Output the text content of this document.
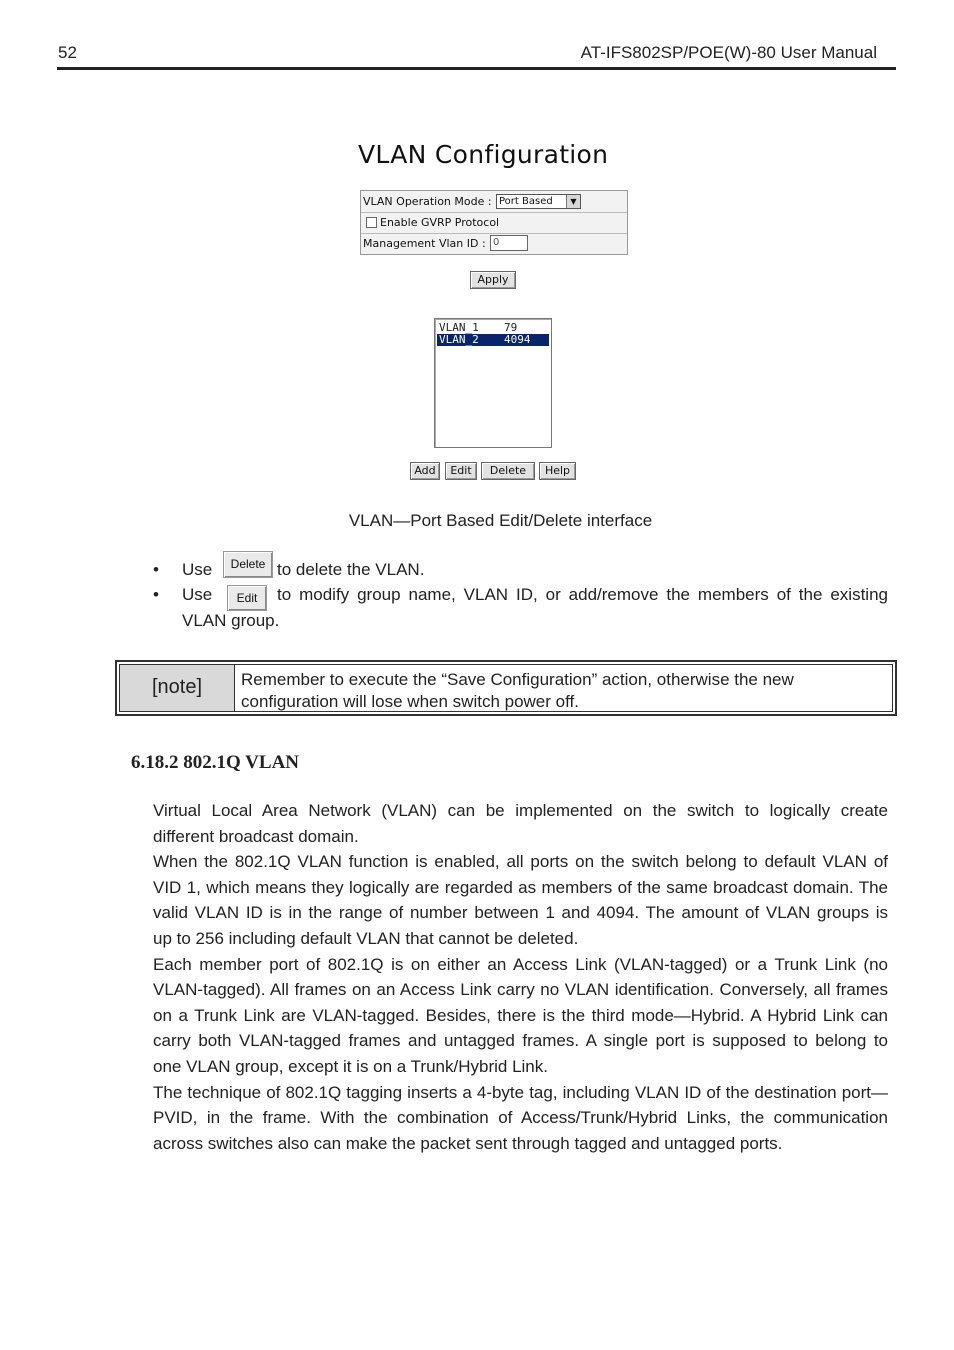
52	AT-IFS802SP/POE(W)-80 User Manual
VLAN Configuration
VLAN Operation Mode : Port Based	▼
Enable GVRP Protocol
Management Vlan ID : 0
Apply
VLAN_1 79
VLAN_2 4094
Add	Edit	Delete	Help
VLAN—Port Based Edit/Delete interface
• Use	Delete to delete the VLAN.
• Use	Edit	to modify group name, VLAN ID, or add/remove the members of the existing
VLAN group.
[note]	Remember to execute the “Save Configuration” action, otherwise the new
configuration will lose when switch power off.
6.18.2 802.1Q VLAN
Virtual Local Area Network (VLAN) can be implemented on the switch to logically create
different broadcast domain.
When the 802.1Q VLAN function is enabled, all ports on the switch belong to default VLAN of
VID 1, which means they logically are regarded as members of the same broadcast domain. The
valid VLAN ID is in the range of number between 1 and 4094. The amount of VLAN groups is
up to 256 including default VLAN that cannot be deleted.
Each member port of 802.1Q is on either an Access Link (VLAN-tagged) or a Trunk Link (no
VLAN-tagged). All frames on an Access Link carry no VLAN identification. Conversely, all frames
on a Trunk Link are VLAN-tagged. Besides, there is the third mode—Hybrid. A Hybrid Link can
carry both VLAN-tagged frames and untagged frames. A single port is supposed to belong to
one VLAN group, except it is on a Trunk/Hybrid Link.
The technique of 802.1Q tagging inserts a 4-byte tag, including VLAN ID of the destination port—
PVID, in the frame. With the combination of Access/Trunk/Hybrid Links, the communication
across switches also can make the packet sent through tagged and untagged ports.
